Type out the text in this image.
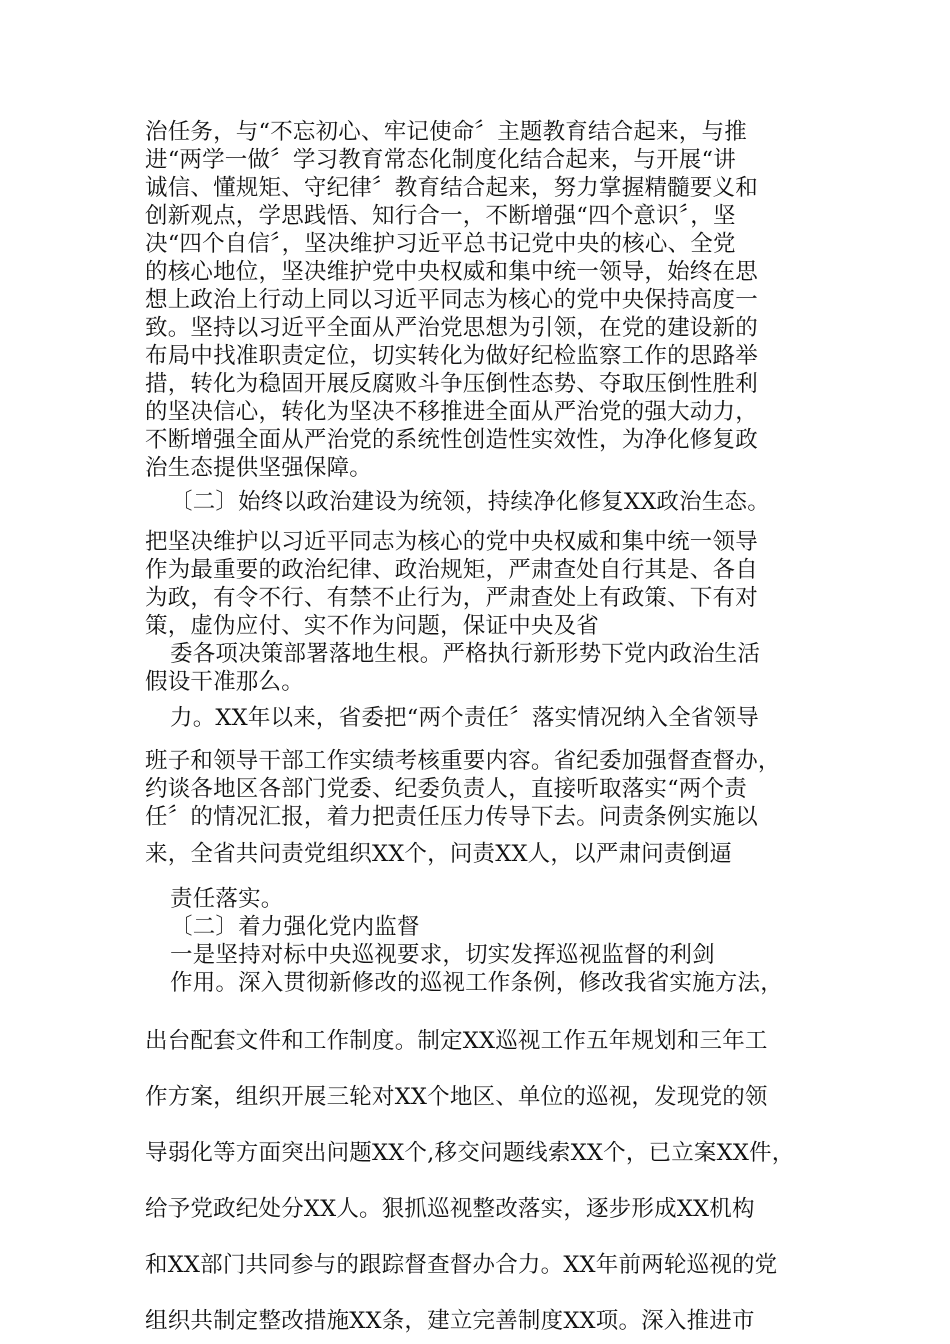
治任务，与“不忘初心、牢记使命〞主题教育结合起来，与推
进“两学一做〞学习教育常态化制度化结合起来，与开展“讲
诚信、懂规矩、守纪律〞教育结合起来，努力掌握精髓要义和
创新观点，学思践悟、知行合一，不断增强“四个意识〞，坚
决“四个自信〞，坚决维护习近平总书记党中央的核心、全党
的核心地位，坚决维护党中央权威和集中统一领导，始终在思
想上政治上行动上同以习近平同志为核心的党中央保持高度一
致。坚持以习近平全面从严治党思想为引领，在党的建设新的
布局中找准职责定位，切实转化为做好纪检监察工作的思路举
措，转化为稳固开展反腐败斗争压倒性态势、夺取压倒性胜利
的坚决信心，转化为坚决不移推进全面从严治党的强大动力，
不断增强全面从严治党的系统性创造性实效性，为净化修复政
治生态提供坚强保障。
〔二〕始终以政治建设为统领，持续净化修复XX政治生态。
把坚决维护以习近平同志为核心的党中央权威和集中统一领导
作为最重要的政治纪律、政治规矩，严肃查处自行其是、各自
为政，有令不行、有禁不止行为，严肃查处上有政策、下有对
策，虚伪应付、实不作为问题，保证中央及省
委各项决策部署落地生根。严格执行新形势下党内政治生活
假设干准那么。
力。XX年以来，省委把“两个责任〞落实情况纳入全省领导
班子和领导干部工作实绩考核重要内容。省纪委加强督查督办，
约谈各地区各部门党委、纪委负责人，直接听取落实“两个责
任〞的情况汇报，着力把责任压力传导下去。问责条例实施以
来，全省共问责党组织XX个，问责XX人，以严肃问责倒逼
责任落实。
〔二〕着力强化党内监督
一是坚持对标中央巡视要求，切实发挥巡视监督的利剑
作用。深入贯彻新修改的巡视工作条例，修改我省实施方法，
出台配套文件和工作制度。制定XX巡视工作五年规划和三年工
作方案，组织开展三轮对XX个地区、单位的巡视，发现党的领
导弱化等方面突出问题XX个,移交问题线索XX个，已立案XX件，
给予党政纪处分XX人。狠抓巡视整改落实，逐步形成XX机构
和XX部门共同参与的跟踪督查督办合力。XX年前两轮巡视的党
组织共制定整改措施XX条，建立完善制度XX项。深入推进市
